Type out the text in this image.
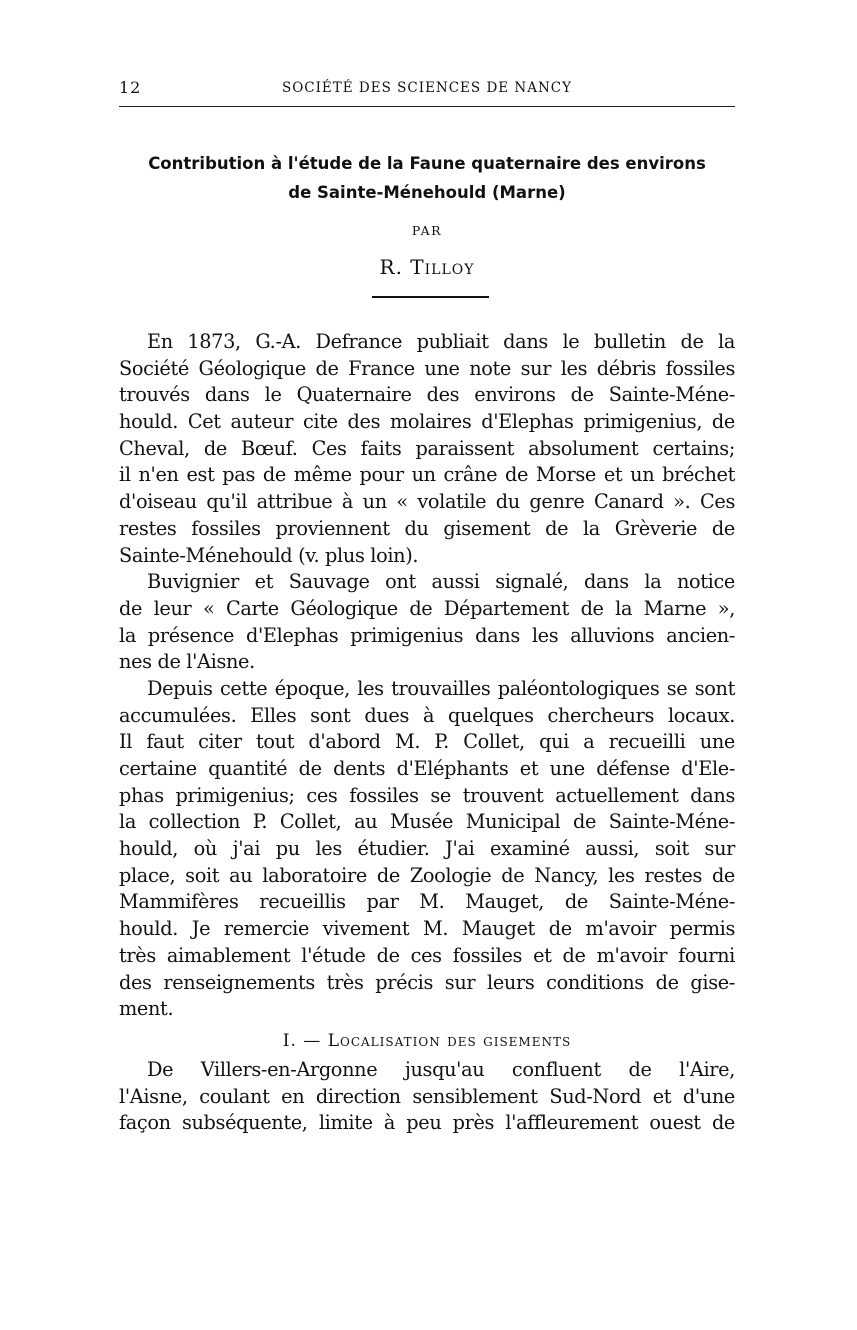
12	SOCIÉTÉ DES SCIENCES DE NANCY
Contribution à l'étude de la Faune quaternaire des environs
de Sainte-Ménehould (Marne)
PAR
R. Tilloy
En 1873, G.-A. Defrance publiait dans le bulletin de la
Société Géologique de France une note sur les débris fossiles
trouvés dans le Quaternaire des environs de Sainte-Méne-
hould. Cet auteur cite des molaires d'Elephas primigenius, de
Cheval, de Bœuf. Ces faits paraissent absolument certains;
il n'en est pas de même pour un crâne de Morse et un bréchet
d'oiseau qu'il attribue à un « volatile du genre Canard ». Ces
restes fossiles proviennent du gisement de la Grèverie de
Sainte-Ménehould (v. plus loin).
Buvignier et Sauvage ont aussi signalé, dans la notice
de leur « Carte Géologique de Département de la Marne »,
la présence d'Elephas primigenius dans les alluvions ancien-
nes de l'Aisne.
Depuis cette époque, les trouvailles paléontologiques se sont
accumulées. Elles sont dues à quelques chercheurs locaux.
Il faut citer tout d'abord M. P. Collet, qui a recueilli une
certaine quantité de dents d'Eléphants et une défense d'Ele-
phas primigenius; ces fossiles se trouvent actuellement dans
la collection P. Collet, au Musée Municipal de Sainte-Méne-
hould, où j'ai pu les étudier. J'ai examiné aussi, soit sur
place, soit au laboratoire de Zoologie de Nancy, les restes de
Mammifères recueillis par M. Mauget, de Sainte-Méne-
hould. Je remercie vivement M. Mauget de m'avoir permis
très aimablement l'étude de ces fossiles et de m'avoir fourni
des renseignements très précis sur leurs conditions de gise-
ment.
I. — Localisation des gisements
De Villers-en-Argonne jusqu'au confluent de l'Aire,
l'Aisne, coulant en direction sensiblement Sud-Nord et d'une
façon subséquente, limite à peu près l'affleurement ouest de
